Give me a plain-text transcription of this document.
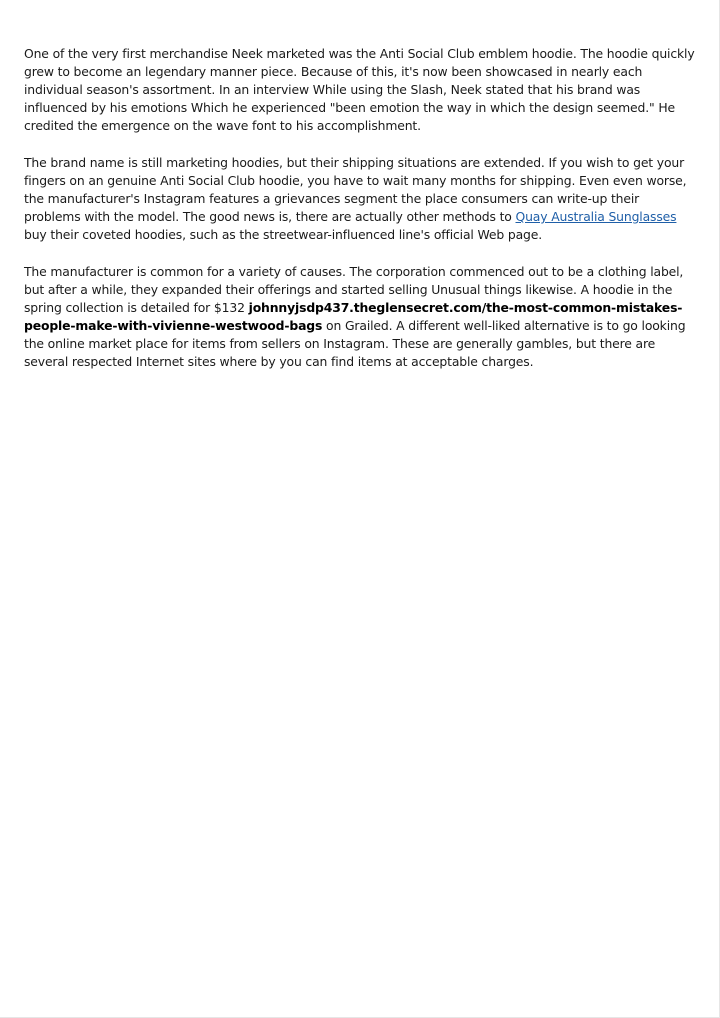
One of the very first merchandise Neek marketed was the Anti Social Club emblem hoodie. The hoodie quickly grew to become an legendary manner piece. Because of this, it's now been showcased in nearly each individual season's assortment. In an interview While using the Slash, Neek stated that his brand was influenced by his emotions Which he experienced "been emotion the way in which the design seemed." He credited the emergence on the wave font to his accomplishment.

The brand name is still marketing hoodies, but their shipping situations are extended. If you wish to get your fingers on an genuine Anti Social Club hoodie, you have to wait many months for shipping. Even even worse, the manufacturer's Instagram features a grievances segment the place consumers can write-up their problems with the model. The good news is, there are actually other methods to Quay Australia Sunglasses buy their coveted hoodies, such as the streetwear-influenced line's official Web page.

The manufacturer is common for a variety of causes. The corporation commenced out to be a clothing label, but after a while, they expanded their offerings and started selling Unusual things likewise. A hoodie in the spring collection is detailed for $132 johnnyjsdp437.theglensecret.com/the-most-common-mistakes-people-make-with-vivienne-westwood-bags on Grailed. A different well-liked alternative is to go looking the online market place for items from sellers on Instagram. These are generally gambles, but there are several respected Internet sites where by you can find items at acceptable charges.
